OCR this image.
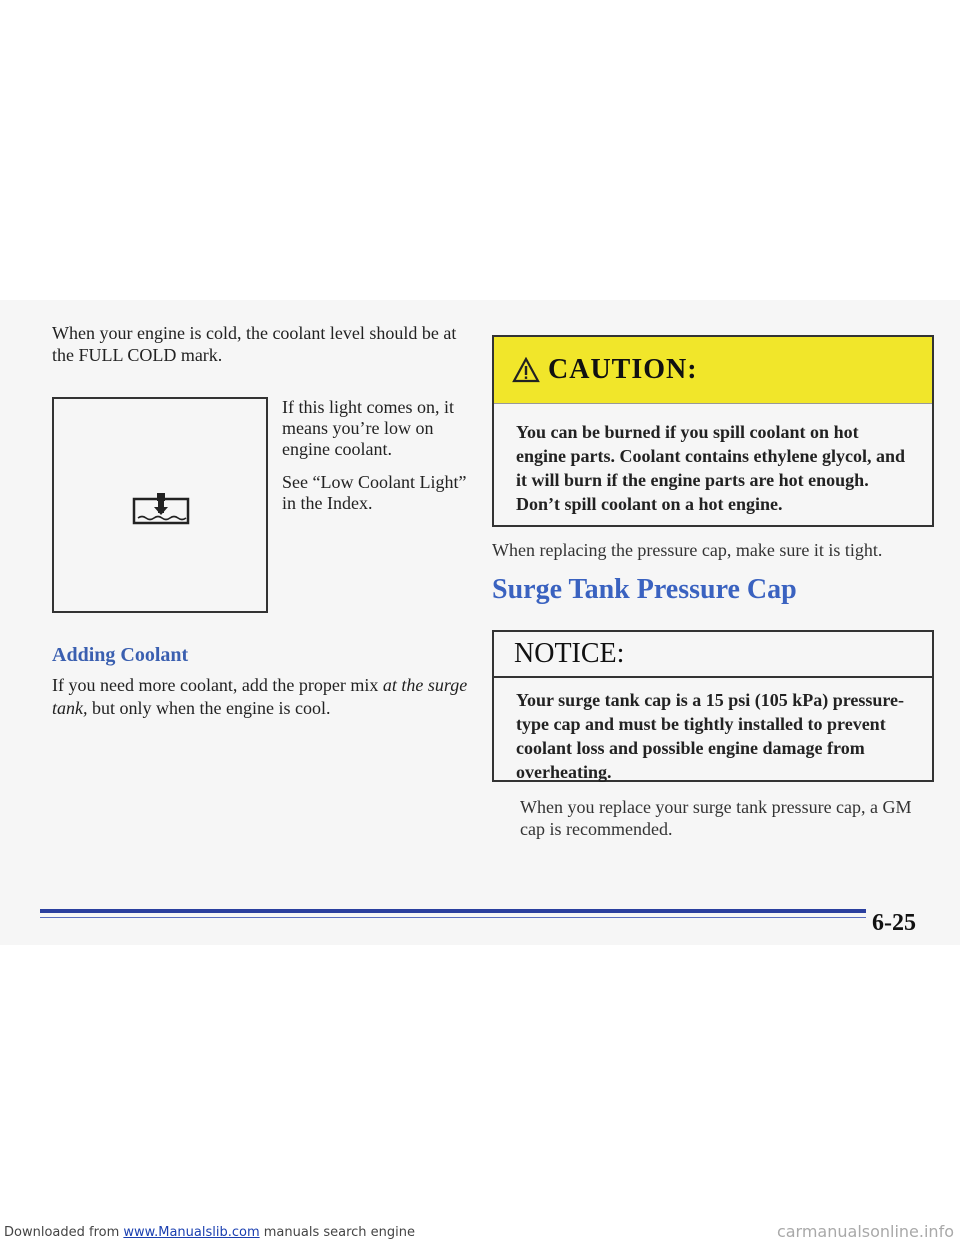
When your engine is cold, the coolant level should be at the FULL COLD mark.

If this light comes on, it means you’re low on engine coolant.

See “Low Coolant Light” in the Index.

Adding Coolant

If you need more coolant, add the proper mix at the surge tank, but only when the engine is cool.

CAUTION:
You can be burned if you spill coolant on hot engine parts. Coolant contains ethylene glycol, and it will burn if the engine parts are hot enough. Don’t spill coolant on a hot engine.
When replacing the pressure cap, make sure it is tight.
Surge Tank Pressure Cap
NOTICE:
Your surge tank cap is a 15 psi (105 kPa) pressure-type cap and must be tightly installed to prevent coolant loss and possible engine damage from overheating.
When you replace your surge tank pressure cap, a GM cap is recommended.
6-25
Downloaded from www.Manualslib.com manuals search engine	carmanualsonline.info
